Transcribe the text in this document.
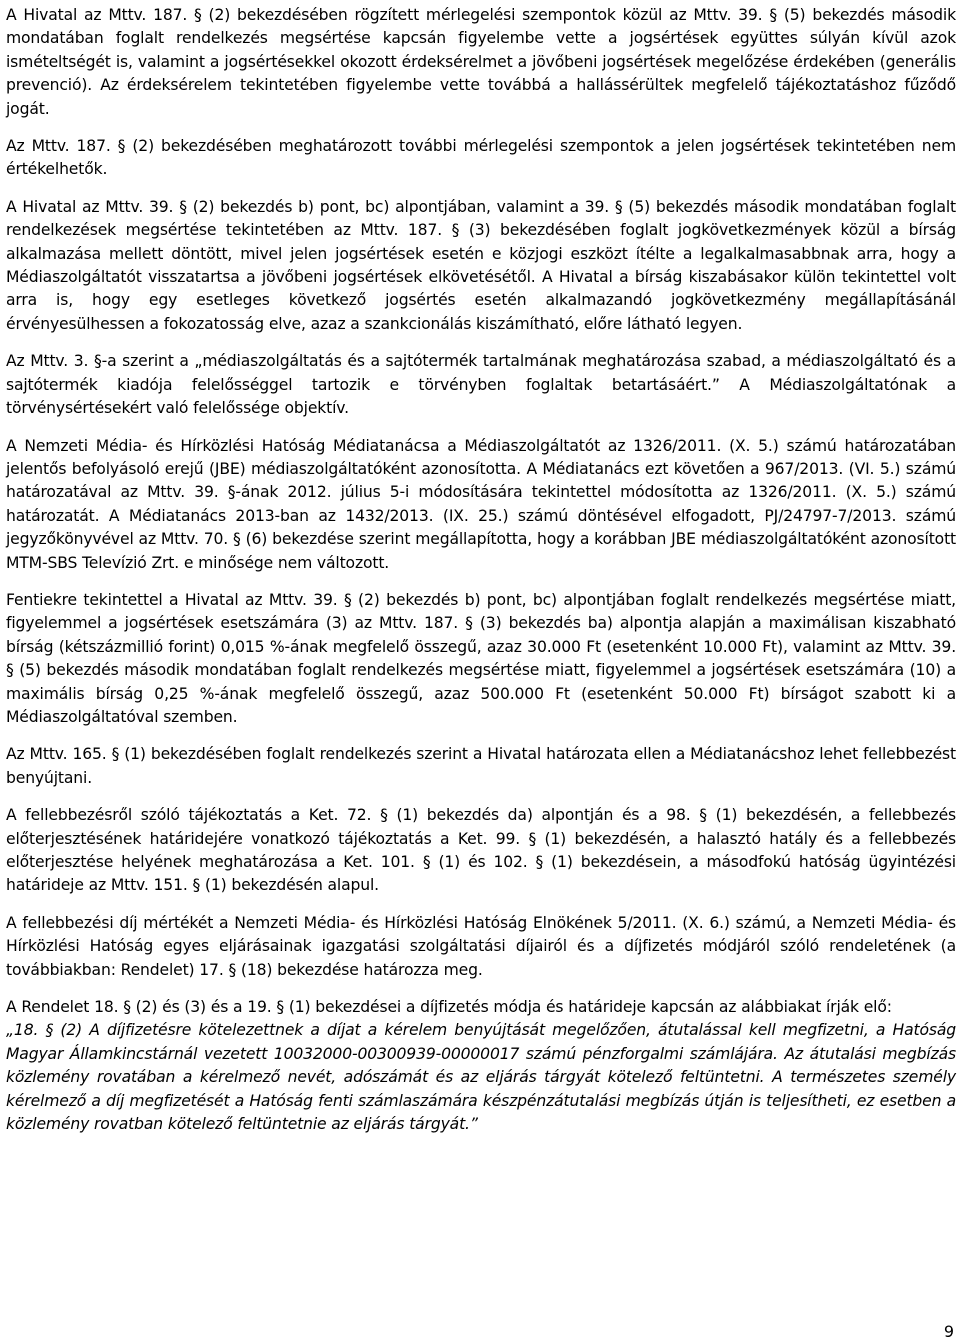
A Hivatal az Mttv. 187. § (2) bekezdésében rögzített mérlegelési szempontok közül az Mttv. 39. § (5) bekezdés második mondatában foglalt rendelkezés megsértése kapcsán figyelembe vette a jogsértések együttes súlyán kívül azok ismételtségét is, valamint a jogsértésekkel okozott érdeksérelmet a jövőbeni jogsértések megelőzése érdekében (generális prevenció). Az érdeksérelem tekintetében figyelembe vette továbbá a hallássérültek megfelelő tájékoztatáshoz fűződő jogát.

Az Mttv. 187. § (2) bekezdésében meghatározott további mérlegelési szempontok a jelen jogsértések tekintetében nem értékelhetők.

A Hivatal az Mttv. 39. § (2) bekezdés b) pont, bc) alpontjában, valamint a 39. § (5) bekezdés második mondatában foglalt rendelkezések megsértése tekintetében az Mttv. 187. § (3) bekezdésében foglalt jogkövetkezmények közül a bírság alkalmazása mellett döntött, mivel jelen jogsértések esetén e közjogi eszközt ítélte a legalkalmasabbnak arra, hogy a Médiaszolgáltatót visszatartsa a jövőbeni jogsértések elkövetésétől. A Hivatal a bírság kiszabásakor külön tekintettel volt arra is, hogy egy esetleges következő jogsértés esetén alkalmazandó jogkövetkezmény megállapításánál érvényesülhessen a fokozatosság elve, azaz a szankcionálás kiszámítható, előre látható legyen.

Az Mttv. 3. §-a szerint a „médiaszolgáltatás és a sajtótermék tartalmának meghatározása szabad, a médiaszolgáltató és a sajtótermék kiadója felelősséggel tartozik e törvényben foglaltak betartásáért.” A Médiaszolgáltatónak a törvénysértésekért való felelőssége objektív.

A Nemzeti Média- és Hírközlési Hatóság Médiatanácsa a Médiaszolgáltatót az 1326/2011. (X. 5.) számú határozatában jelentős befolyásoló erejű (JBE) médiaszolgáltatóként azonosította. A Médiatanács ezt követően a 967/2013. (VI. 5.) számú határozatával az Mttv. 39. §-ának 2012. július 5-i módosítására tekintettel módosította az 1326/2011. (X. 5.) számú határozatát. A Médiatanács 2013-ban az 1432/2013. (IX. 25.) számú döntésével elfogadott, PJ/24797-7/2013. számú jegyzőkönyvével az Mttv. 70. § (6) bekezdése szerint megállapította, hogy a korábban JBE médiaszolgáltatóként azonosított MTM-SBS Televízió Zrt. e minősége nem változott.

Fentiekre tekintettel a Hivatal az Mttv. 39. § (2) bekezdés b) pont, bc) alpontjában foglalt rendelkezés megsértése miatt, figyelemmel a jogsértések esetszámára (3) az Mttv. 187. § (3) bekezdés ba) alpontja alapján a maximálisan kiszabható bírság (kétszázmillió forint) 0,015 %-ának megfelelő összegű, azaz 30.000 Ft (esetenként 10.000 Ft), valamint az Mttv. 39. § (5) bekezdés második mondatában foglalt rendelkezés megsértése miatt, figyelemmel a jogsértések esetszámára (10) a maximális bírság 0,25 %-ának megfelelő összegű, azaz 500.000 Ft (esetenként 50.000 Ft) bírságot szabott ki a Médiaszolgáltatóval szemben.

Az Mttv. 165. § (1) bekezdésében foglalt rendelkezés szerint a Hivatal határozata ellen a Médiatanácshoz lehet fellebbezést benyújtani.

A fellebbezésről szóló tájékoztatás a Ket. 72. § (1) bekezdés da) alpontján és a 98. § (1) bekezdésén, a fellebbezés előterjesztésének határidejére vonatkozó tájékoztatás a Ket. 99. § (1) bekezdésén, a halasztó hatály és a fellebbezés előterjesztése helyének meghatározása a Ket. 101. § (1) és 102. § (1) bekezdésein, a másodfokú hatóság ügyintézési határideje az Mttv. 151. § (1) bekezdésén alapul.

A fellebbezési díj mértékét a Nemzeti Média- és Hírközlési Hatóság Elnökének 5/2011. (X. 6.) számú, a Nemzeti Média- és Hírközlési Hatóság egyes eljárásainak igazgatási szolgáltatási díjairól és a díjfizetés módjáról szóló rendeletének (a továbbiakban: Rendelet) 17. § (18) bekezdése határozza meg.

A Rendelet 18. § (2) és (3) és a 19. § (1) bekezdései a díjfizetés módja és határideje kapcsán az alábbiakat írják elő:

„18. § (2) A díjfizetésre kötelezettnek a díjat a kérelem benyújtását megelőzően, átutalással kell megfizetni, a Hatóság Magyar Államkincstárnál vezetett 10032000-00300939-00000017 számú pénzforgalmi számlájára. Az átutalási megbízás közlemény rovatában a kérelmező nevét, adószámát és az eljárás tárgyát kötelező feltüntetni. A természetes személy kérelmező a díj megfizetését a Hatóság fenti számlaszámára készpénzátutalási megbízás útján is teljesítheti, ez esetben a közlemény rovatban kötelező feltüntetnie az eljárás tárgyát.”

9
